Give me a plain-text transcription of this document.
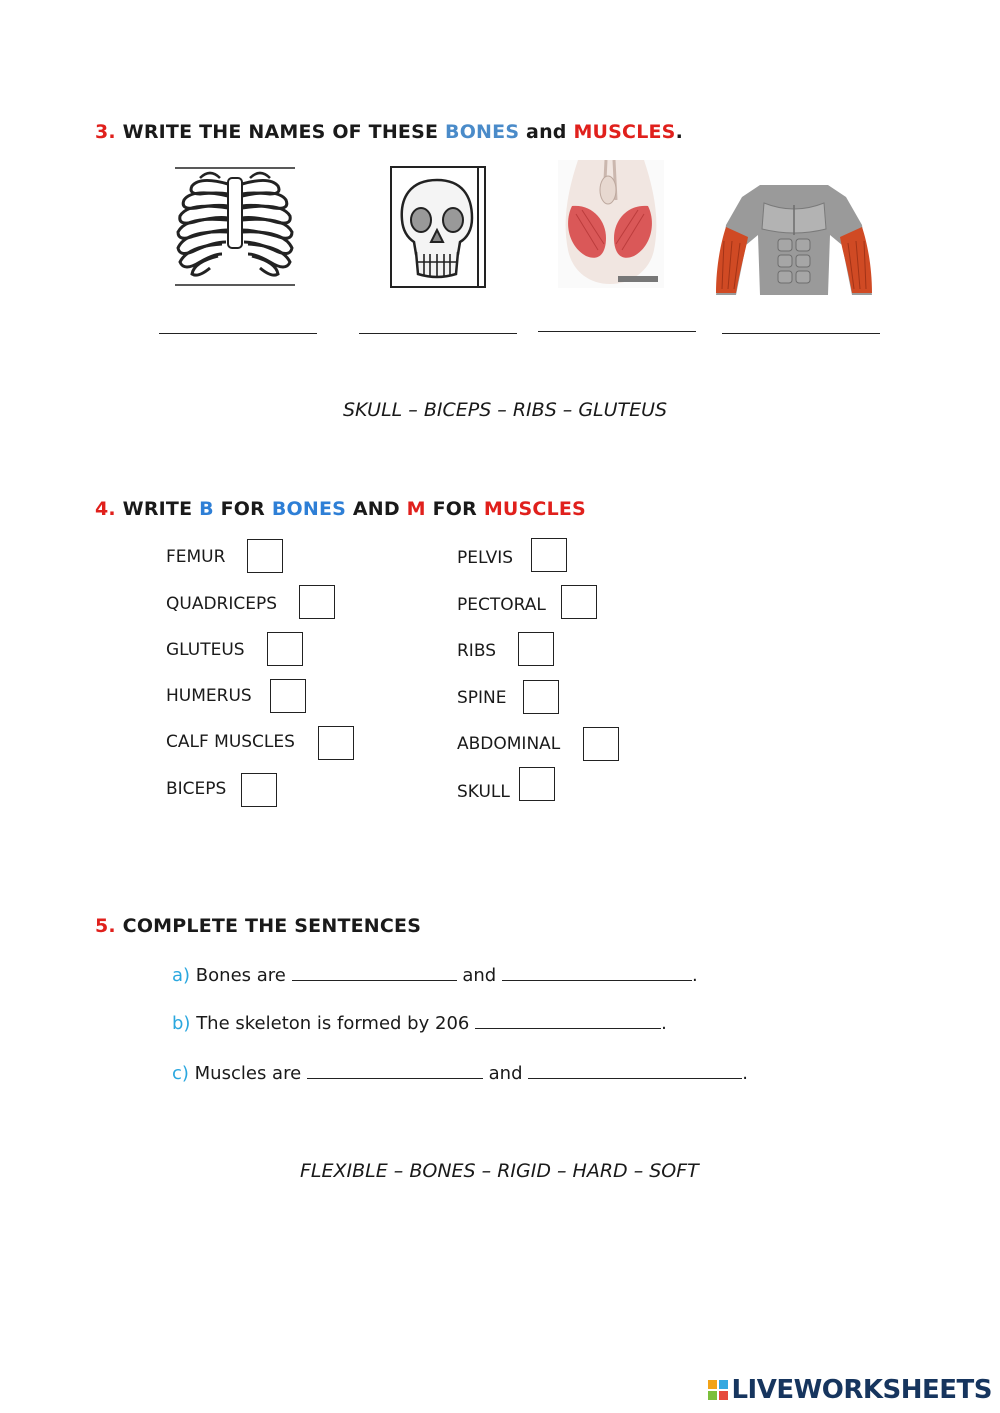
3. WRITE THE NAMES OF THESE BONES and MUSCLES.
SKULL – BICEPS – RIBS – GLUTEUS
4. WRITE B FOR BONES AND M FOR MUSCLES
FEMUR
QUADRICEPS
GLUTEUS
HUMERUS
CALF MUSCLES
BICEPS
PELVIS
PECTORAL
RIBS
SPINE
ABDOMINAL
SKULL
5. COMPLETE THE SENTENCES
a) Bones are	and	.
b) The skeleton is formed by 206	.
c) Muscles are	and	.
FLEXIBLE – BONES – RIGID – HARD – SOFT
LIVEWORKSHEETS
